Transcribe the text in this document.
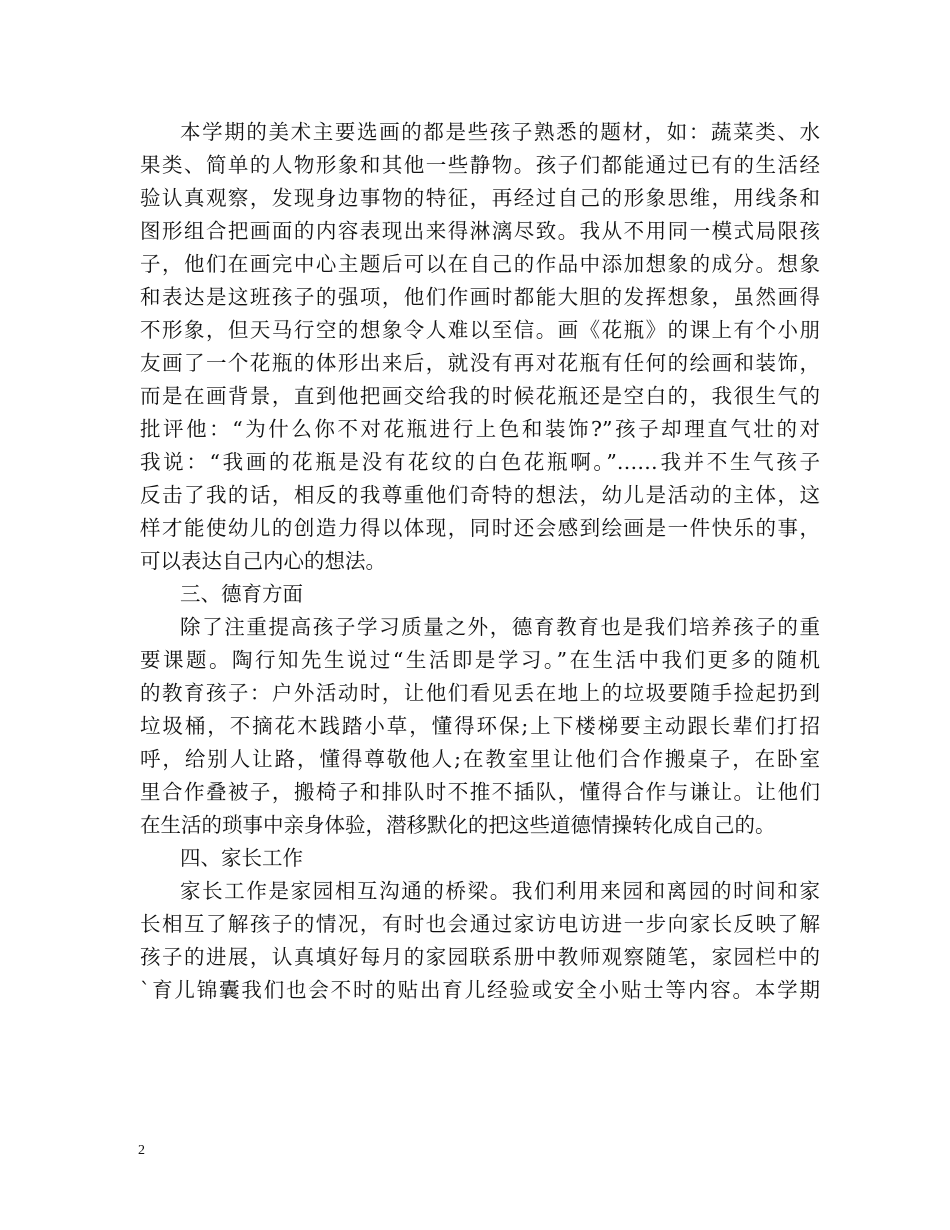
本学期的美术主要选画的都是些孩子熟悉的题材，如：蔬菜类、水
果类、简单的人物形象和其他一些静物。孩子们都能通过已有的生活经
验认真观察，发现身边事物的特征，再经过自己的形象思维，用线条和
图形组合把画面的内容表现出来得淋漓尽致。我从不用同一模式局限孩
子，他们在画完中心主题后可以在自己的作品中添加想象的成分。想象
和表达是这班孩子的强项，他们作画时都能大胆的发挥想象，虽然画得
不形象，但天马行空的想象令人难以至信。画《花瓶》的课上有个小朋
友画了一个花瓶的体形出来后，就没有再对花瓶有任何的绘画和装饰，
而是在画背景，直到他把画交给我的时候花瓶还是空白的，我很生气的
批评他：“为什么你不对花瓶进行上色和装饰?”孩子却理直气壮的对
我说：“我画的花瓶是没有花纹的白色花瓶啊。”……我并不生气孩子
反击了我的话，相反的我尊重他们奇特的想法，幼儿是活动的主体，这
样才能使幼儿的创造力得以体现，同时还会感到绘画是一件快乐的事，
可以表达自己内心的想法。
三、德育方面
除了注重提高孩子学习质量之外，德育教育也是我们培养孩子的重
要课题。陶行知先生说过“生活即是学习。”在生活中我们更多的随机
的教育孩子：户外活动时，让他们看见丢在地上的垃圾要随手捡起扔到
垃圾桶，不摘花木践踏小草，懂得环保;上下楼梯要主动跟长辈们打招
呼，给别人让路，懂得尊敬他人;在教室里让他们合作搬桌子，在卧室
里合作叠被子，搬椅子和排队时不推不插队，懂得合作与谦让。让他们
在生活的琐事中亲身体验，潜移默化的把这些道德情操转化成自己的。
四、家长工作
家长工作是家园相互沟通的桥梁。我们利用来园和离园的时间和家
长相互了解孩子的情况，有时也会通过家访电访进一步向家长反映了解
孩子的进展，认真填好每月的家园联系册中教师观察随笔，家园栏中的
`育儿锦囊我们也会不时的贴出育儿经验或安全小贴士等内容。本学期
2
